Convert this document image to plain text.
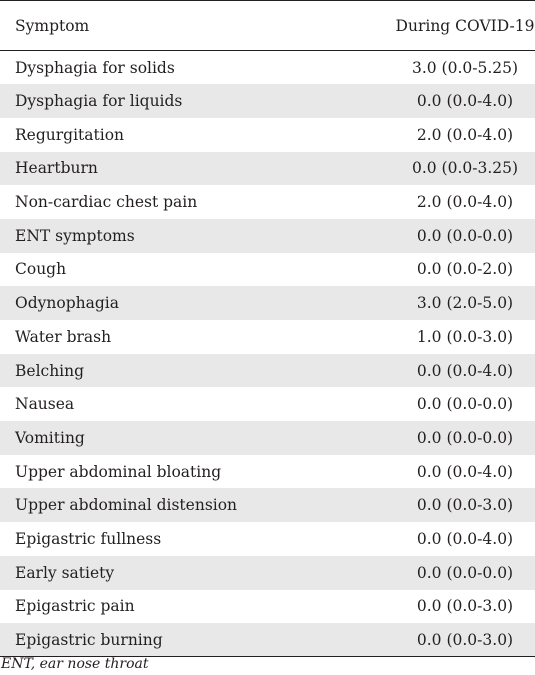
Symptom	During COVID-19
Dysphagia for solids	3.0 (0.0-5.25)
Dysphagia for liquids	0.0 (0.0-4.0)
Regurgitation	2.0 (0.0-4.0)
Heartburn	0.0 (0.0-3.25)
Non-cardiac chest pain	2.0 (0.0-4.0)
ENT symptoms	0.0 (0.0-0.0)
Cough	0.0 (0.0-2.0)
Odynophagia	3.0 (2.0-5.0)
Water brash	1.0 (0.0-3.0)
Belching	0.0 (0.0-4.0)
Nausea	0.0 (0.0-0.0)
Vomiting	0.0 (0.0-0.0)
Upper abdominal bloating	0.0 (0.0-4.0)
Upper abdominal distension	0.0 (0.0-3.0)
Epigastric fullness	0.0 (0.0-4.0)
Early satiety	0.0 (0.0-0.0)
Epigastric pain	0.0 (0.0-3.0)
Epigastric burning	0.0 (0.0-3.0)
ENT, ear nose throat
